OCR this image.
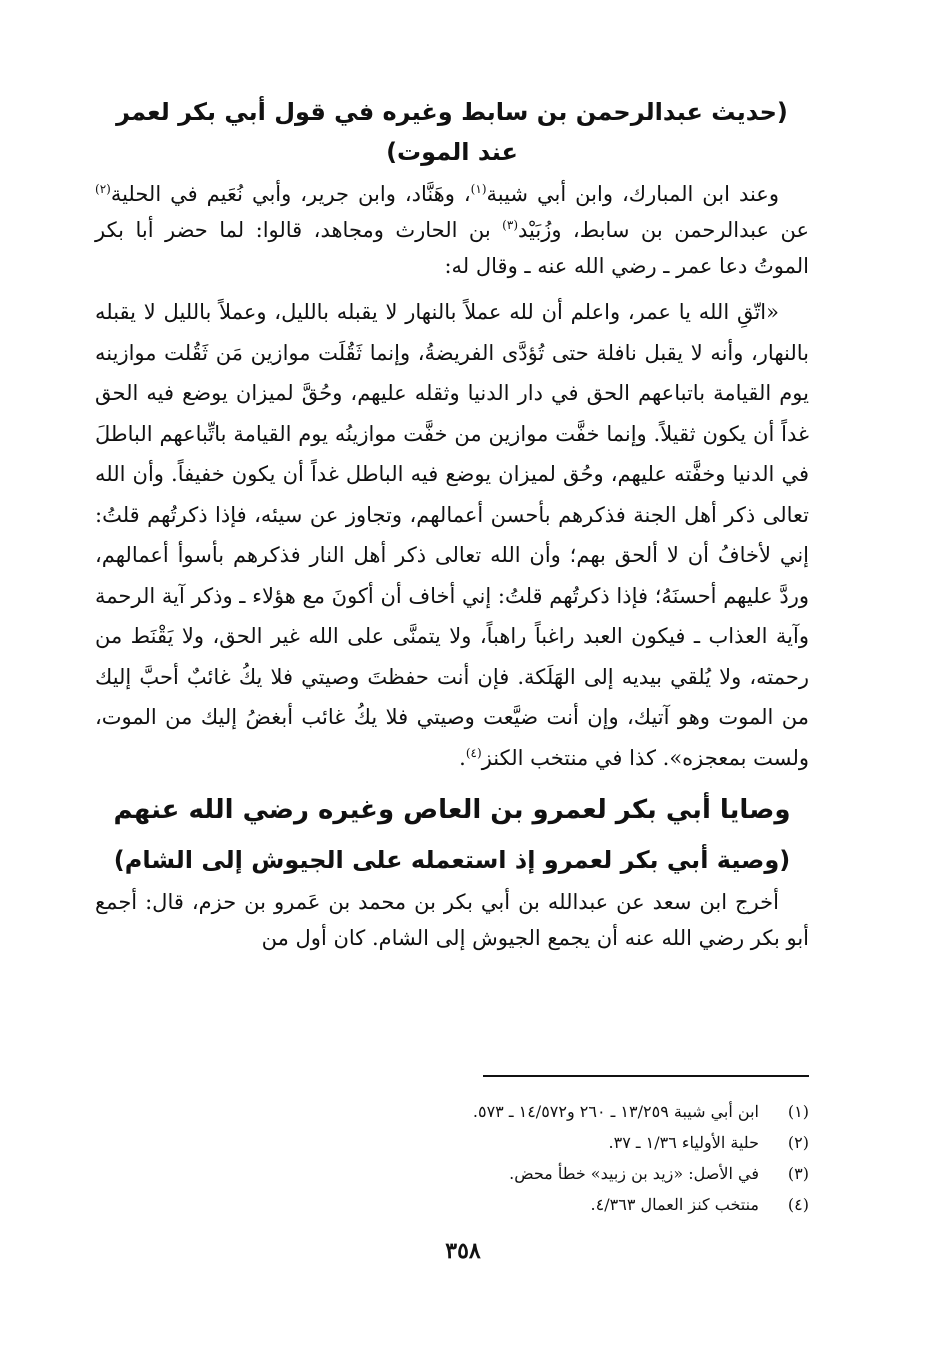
(حديث عبدالرحمن بن سابط وغيره في قول أبي بكر لعمر عند الموت)

وعند ابن المبارك، وابن أبي شيبة$^{(١)}$، وهَنَّاد، وابن جرير، وأبي نُعَيم في الحلية$^{(٢)}$ عن عبدالرحمن بن سابط، وزُبَيْد$^{(٣)}$ بن الحارث ومجاهد، قالوا: لما حضر أبا بكر الموتُ دعا عمر ـ رضي الله عنه ـ وقال له:

«اتّقِ الله يا عمر، واعلم أن لله عملاً بالنهار لا يقبله بالليل، وعملاً بالليل لا يقبله بالنهار، وأنه لا يقبل نافلة حتى تُؤدَّى الفريضةُ، وإنما ثَقُلَت موازين مَن ثَقُلت موازينه يوم القيامة باتباعهم الحق في دار الدنيا وثقله عليهم، وحُقَّ لميزان يوضع فيه الحق غداً أن يكون ثقيلاً. وإنما خفَّت موازين من خفَّت موازينُه يوم القيامة باتِّباعهم الباطلَ في الدنيا وخفَّته عليهم، وحُق لميزان يوضع فيه الباطل غداً أن يكون خفيفاً. وأن الله تعالى ذكر أهل الجنة فذكرهم بأحسن أعمالهم، وتجاوز عن سيئه، فإذا ذكرتُهم قلتُ: إني لأخافُ أن لا ألحق بهم؛ وأن الله تعالى ذكر أهل النار فذكرهم بأسوأ أعمالهم، وردَّ عليهم أحسنَهُ؛ فإذا ذكرتُهم قلتُ: إني أخاف أن أكونَ مع هؤلاء ـ وذكر آية الرحمة وآية العذاب ـ فيكون العبد راغباً راهباً، ولا يتمنَّى على الله غير الحق، ولا يَقْنَط من رحمته، ولا يُلقي بيديه إلى الهَلَكة. فإن أنت حفظتَ وصيتي فلا يكُ غائبٌ أحبَّ إليك من الموت وهو آتيك، وإن أنت ضيَّعت وصيتي فلا يكُ غائب أبغضُ إليك من الموت، ولست بمعجزه». كذا في منتخب الكنز$^{(٤)}$.

وصايا أبي بكر لعمرو بن العاص وغيره رضي الله عنهم
(وصية أبي بكر لعمرو إذ استعمله على الجيوش إلى الشام)

أخرج ابن سعد عن عبدالله بن أبي بكر بن محمد بن عَمرو بن حزم، قال: أجمع أبو بكر رضي الله عنه أن يجمع الجيوش إلى الشام. كان أول من

(١)
ابن أبي شيبة ١٣/٢٥٩ ـ ٢٦٠ و١٤/٥٧٢ ـ ٥٧٣.
(٢)
حلية الأولياء ١/٣٦ ـ ٣٧.
(٣)
في الأصل: «زيد بن زبيد» خطأ محض.
(٤)
منتخب كنز العمال ٤/٣٦٣.
٣٥٨
